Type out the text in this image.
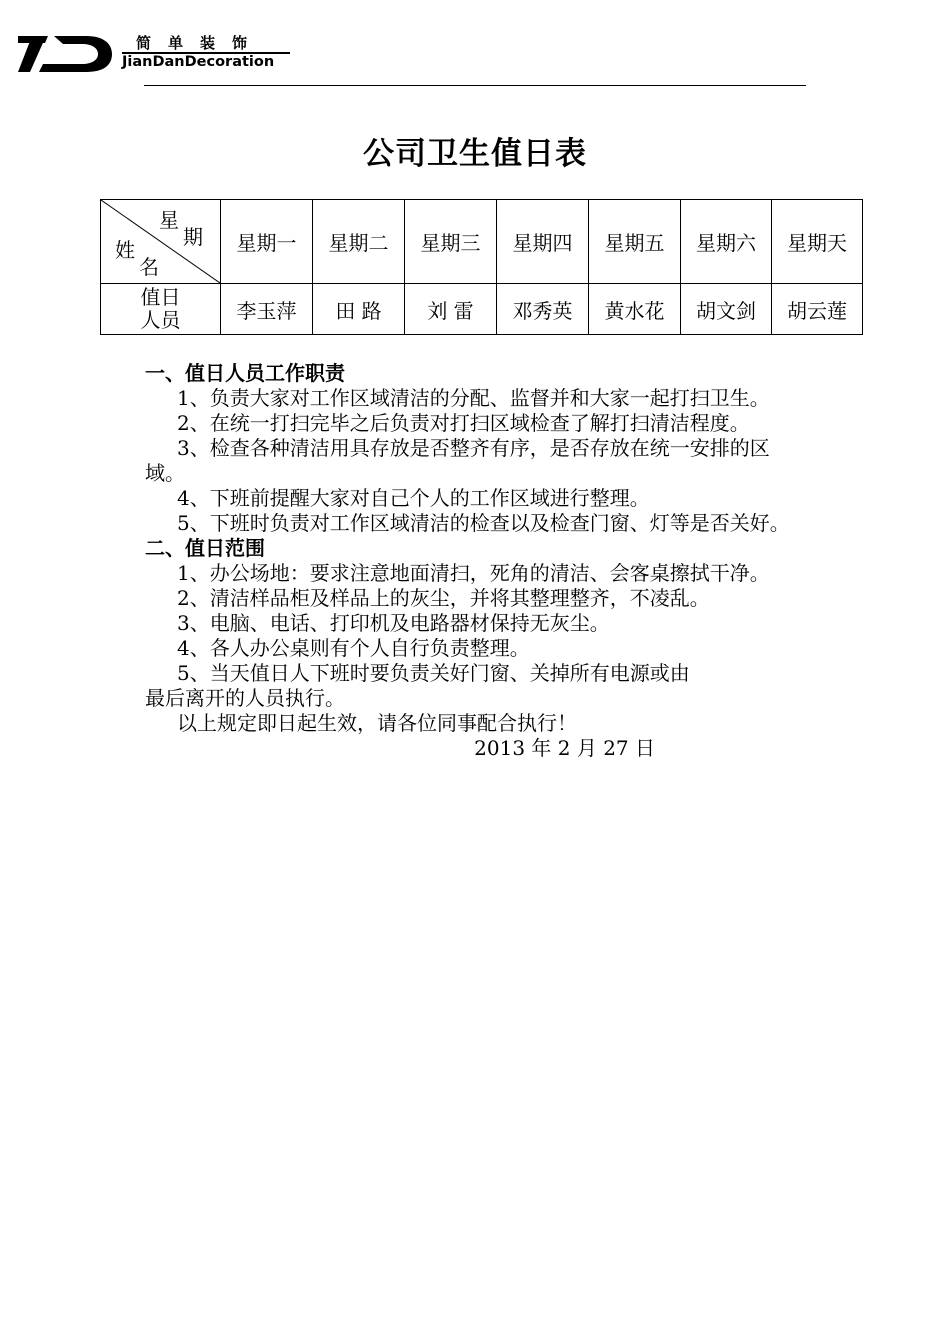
简单装饰
JianDanDecoration
公司卫生值日表
星
期
姓
名	星期一	星期二	星期三	星期四	星期五	星期六	星期天

值日
人员	李玉萍	田 路	刘 雷	邓秀英	黄水花	胡文剑	胡云莲

一、值日人员工作职责

1、负责大家对工作区域清洁的分配、监督并和大家一起打扫卫生。

2、在统一打扫完毕之后负责对打扫区域检查了解打扫清洁程度。

3、检查各种清洁用具存放是否整齐有序，是否存放在统一安排的区域。

4、下班前提醒大家对自己个人的工作区域进行整理。

5、下班时负责对工作区域清洁的检查以及检查门窗、灯等是否关好。

二、值日范围

1、办公场地：要求注意地面清扫，死角的清洁、会客桌擦拭干净。

2、清洁样品柜及样品上的灰尘，并将其整理整齐，不凌乱。

3、电脑、电话、打印机及电路器材保持无灰尘。

4、各人办公桌则有个人自行负责整理。

5、当天值日人下班时要负责关好门窗、关掉所有电源或由

最后离开的人员执行。

以上规定即日起生效，请各位同事配合执行！

2013 年 2 月 27 日
